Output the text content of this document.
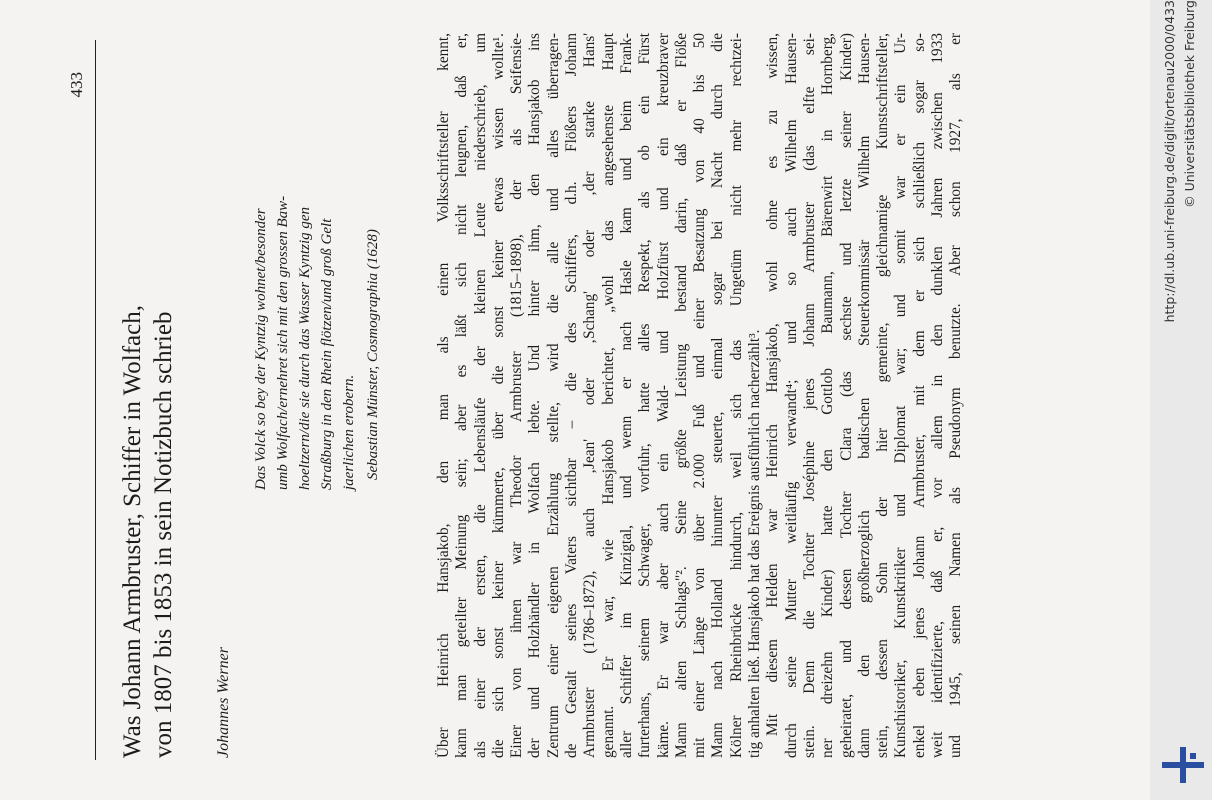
433
Was Johann Armbruster, Schiffer in Wolfach, von 1807 bis 1853 in sein Notizbuch schrieb Johannes Werner
Das Volck so bey der Kyntzig wohnet/besonder umb Wolfach/ernehret sich mit den grossen Baw- hoeltzern/die sie durch das Wasser Kyntzig gen Straßburg in den Rhein flötzen/und groß Gelt jaerlichen erobern. Sebastian Münster, Cosmographia (1628)	Über Heinrich Hansjakob, den man als einen Volksschriftsteller kennt, kann man geteilter Meinung sein; aber es läßt sich nicht leugnen, daß er, als einer der ersten, die Lebensläufe der kleinen Leute niederschrieb, um die sich sonst keiner kümmerte, über die sonst keiner etwas wissen wollte¹. Einer von ihnen war Theodor Armbruster (1815–1898), der als Seifensie- der und Holzhändler in Wolfach lebte. Und hinter ihm, den Hansjakob ins Zentrum einer eigenen Erzählung stellte, wird die alle und alles überragen- de Gestalt seines Vaters sichtbar – die des Schiffers, d.h. Flößers Johann Armbruster (1786–1872), auch ‚Jean' oder ‚Schang' oder ‚der starke Hans' genannt. Er war, wie Hansjakob berichtet, „wohl das angesehenste Haupt aller Schiffer im Kinzigtal, und wenn er nach Hasle kam und beim Frank- furterhans, seinem Schwager, vorfuhr, hatte alles Respekt, als ob ein Fürst käme. Er war aber auch ein Wald- und Holzfürst und ein kreuzbraver Mann alten Schlags"². Seine größte Leistung bestand darin, daß er Flöße mit einer Länge von über 2.000 Fuß und einer Besatzung von 40 bis 50 Mann nach Holland hinunter steuerte, einmal sogar bei Nacht durch die Kölner Rheinbrücke hindurch, weil sich das Ungetüm nicht mehr rechtzei- tig anhalten ließ. Hansjakob hat das Ereignis ausführlich nacherzählt³. Mit diesem Helden war Heinrich Hansjakob, wohl ohne es zu wissen, durch seine Mutter weitläufig verwandt⁴; und so auch Wilhelm Hausen- stein. Denn die Tochter Joséphine jenes Johann Armbruster (das elfte sei- ner dreizehn Kinder) hatte den Gottlob Baumann, Bärenwirt in Hornberg, geheiratet, und dessen Tochter Clara (das sechste und letzte seiner Kinder) dann den großherzoglich badischen Steuerkommissär Wilhelm Hausen- stein, dessen Sohn der hier gemeinte, gleichnamige Kunstschriftsteller, Kunsthistoriker, Kunstkritiker und Diplomat war; und somit war er ein Ur- enkel eben jenes Johann Armbruster, mit dem er sich schließlich sogar so- weit identifizierte, daß er, vor allem in den dunklen Jahren zwischen 1933 und 1945, seinen Namen als Pseudonym benutzte. Aber schon 1927, als er	http://dl.ub.uni-freiburg.de/diglit/ortenau2000/0433 © Universitätsbibliothek Freiburg
